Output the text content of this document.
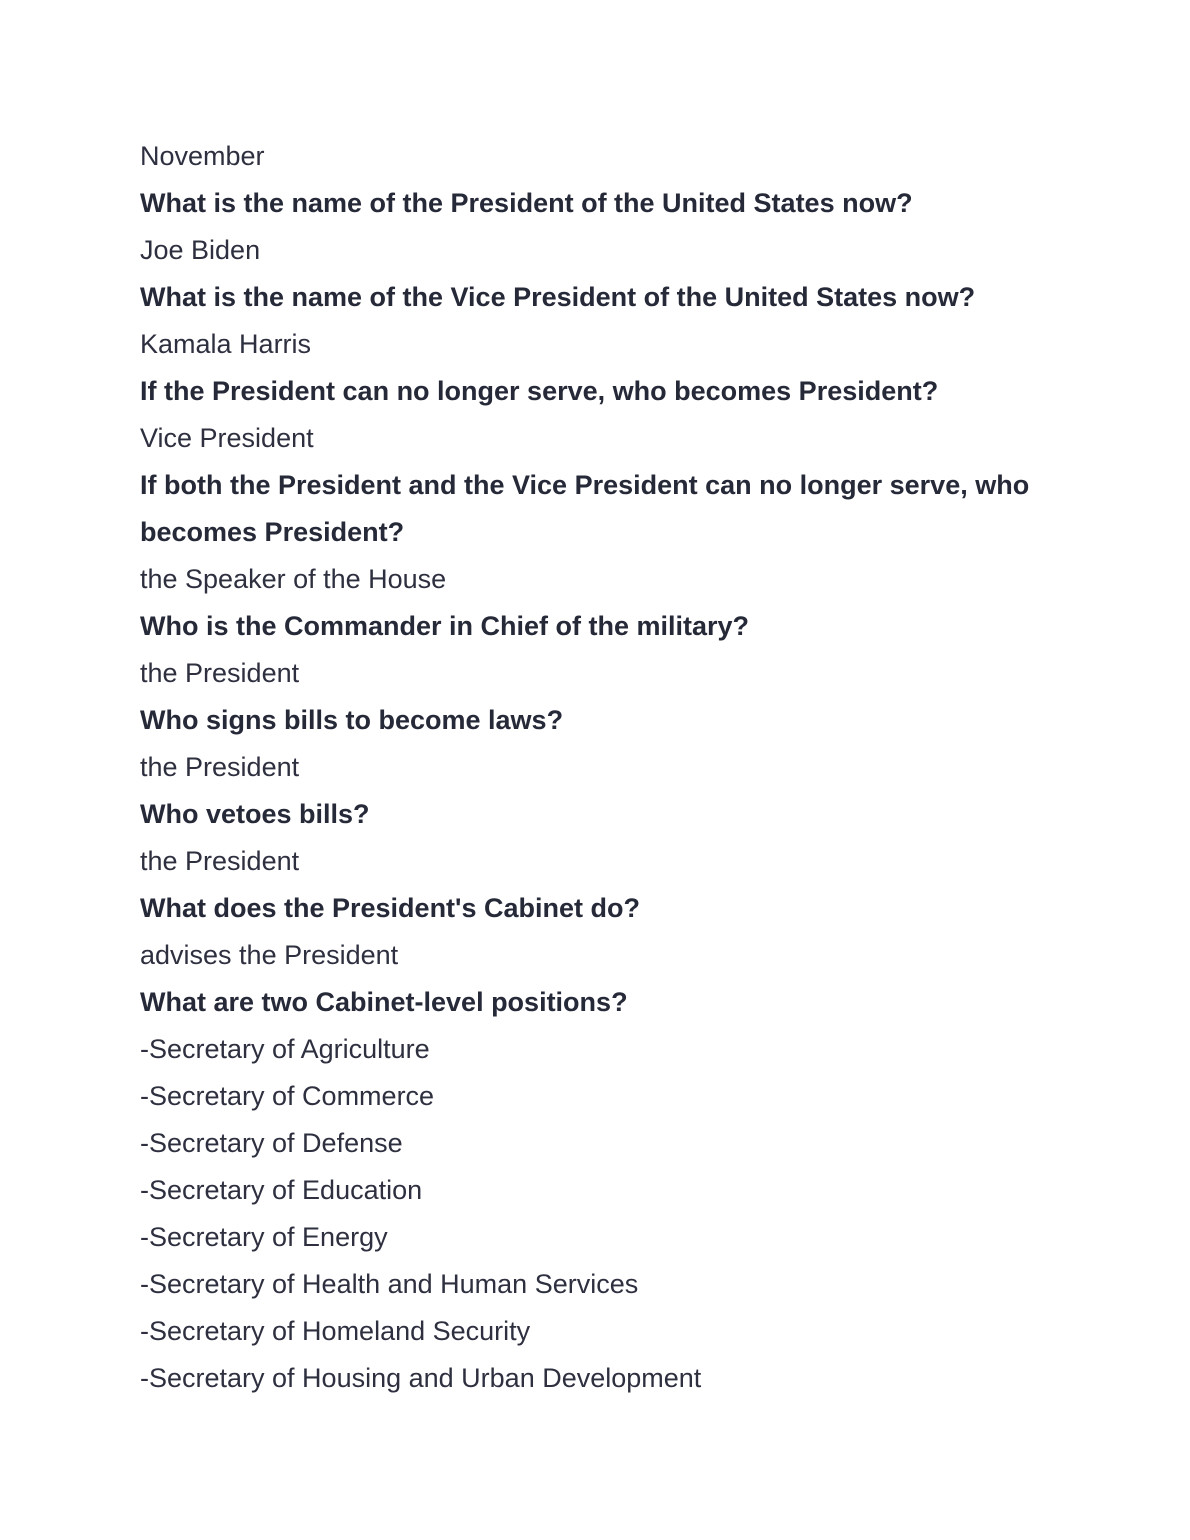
November

What is the name of the President of the United States now?

Joe Biden

What is the name of the Vice President of the United States now?

Kamala Harris

If the President can no longer serve, who becomes President?

Vice President

If both the President and the Vice President can no longer serve, who becomes President?

the Speaker of the House

Who is the Commander in Chief of the military?

the President

Who signs bills to become laws?

the President

Who vetoes bills?

the President

What does the President's Cabinet do?

advises the President

What are two Cabinet-level positions?

-Secretary of Agriculture

-Secretary of Commerce

-Secretary of Defense

-Secretary of Education

-Secretary of Energy

-Secretary of Health and Human Services

-Secretary of Homeland Security

-Secretary of Housing and Urban Development
